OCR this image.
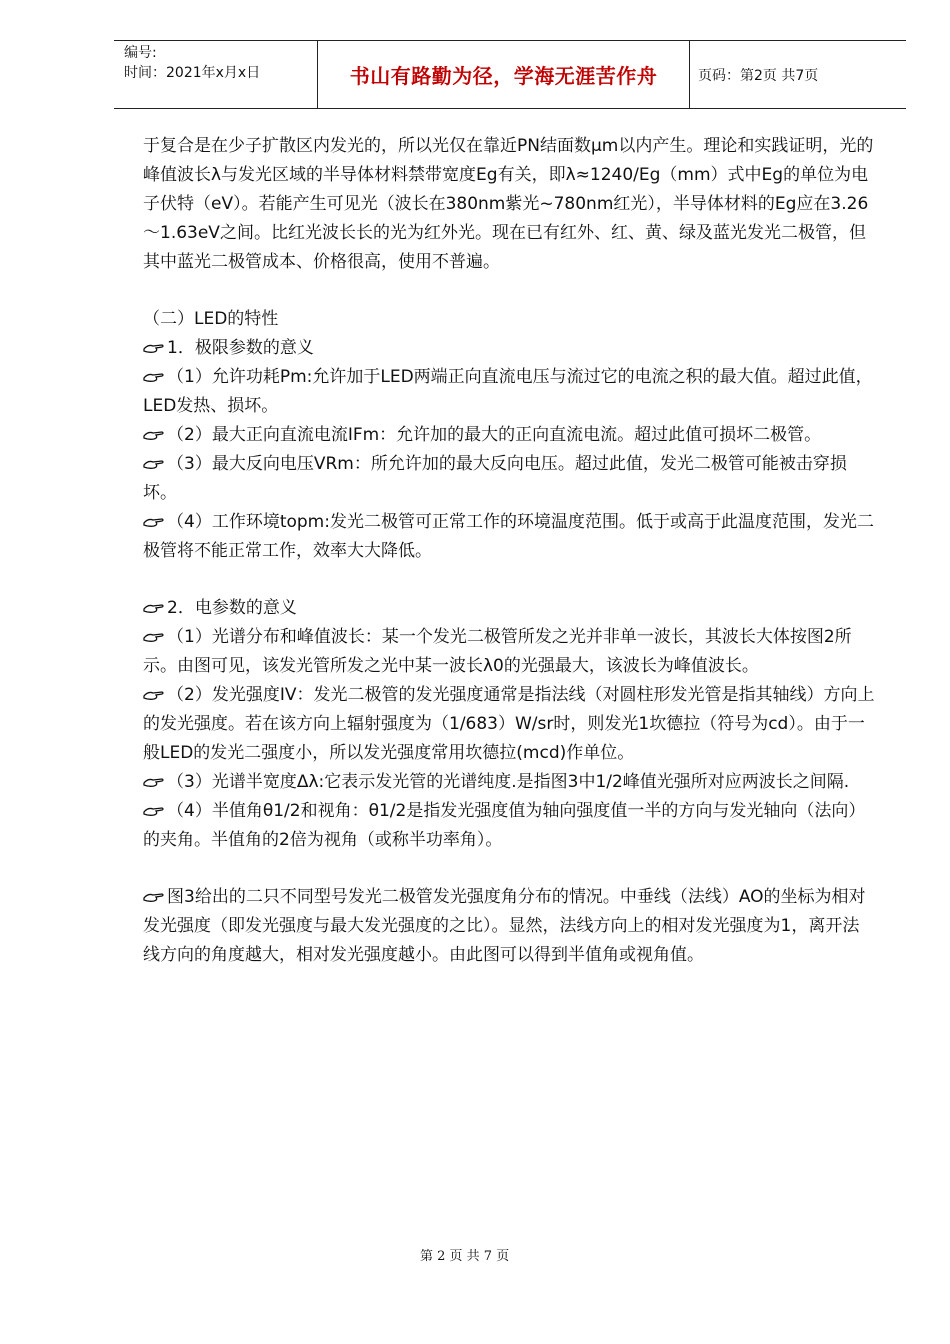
编号:
时间：2021年x月x日	书山有路勤为径，学海无涯苦作舟	页码：第2页 共7页

于复合是在少子扩散区内发光的，所以光仅在靠近PN结面数μm以内产生。理论和实践证明，光的峰值波长λ与发光区域的半导体材料禁带宽度Eg有关，即λ≈1240/Eg（mm）式中Eg的单位为电子伏特（eV）。若能产生可见光（波长在380nm紫光~780nm红光），半导体材料的Eg应在3.26～1.63eV之间。比红光波长长的光为红外光。现在已有红外、红、黄、绿及蓝光发光二极管，但其中蓝光二极管成本、价格很高，使用不普遍。

（二）LED的特性

1．极限参数的意义

（1）允许功耗Pm:允许加于LED两端正向直流电压与流过它的电流之积的最大值。超过此值，LED发热、损坏。

（2）最大正向直流电流IFm：允许加的最大的正向直流电流。超过此值可损坏二极管。

（3）最大反向电压VRm：所允许加的最大反向电压。超过此值，发光二极管可能被击穿损坏。

（4）工作环境topm:发光二极管可正常工作的环境温度范围。低于或高于此温度范围，发光二极管将不能正常工作，效率大大降低。

2．电参数的意义

（1）光谱分布和峰值波长：某一个发光二极管所发之光并非单一波长，其波长大体按图2所示。由图可见，该发光管所发之光中某一波长λ0的光强最大，该波长为峰值波长。

（2）发光强度IV：发光二极管的发光强度通常是指法线（对圆柱形发光管是指其轴线）方向上的发光强度。若在该方向上辐射强度为（1/683）W/sr时，则发光1坎德拉（符号为cd）。由于一般LED的发光二强度小，所以发光强度常用坎德拉(mcd)作单位。

（3）光谱半宽度Δλ:它表示发光管的光谱纯度.是指图3中1/2峰值光强所对应两波长之间隔.

（4）半值角θ1/2和视角：θ1/2是指发光强度值为轴向强度值一半的方向与发光轴向（法向）的夹角。半值角的2倍为视角（或称半功率角）。

图3给出的二只不同型号发光二极管发光强度角分布的情况。中垂线（法线）AO的坐标为相对发光强度（即发光强度与最大发光强度的之比）。显然，法线方向上的相对发光强度为1，离开法线方向的角度越大，相对发光强度越小。由此图可以得到半值角或视角值。

第 2 页 共 7 页
